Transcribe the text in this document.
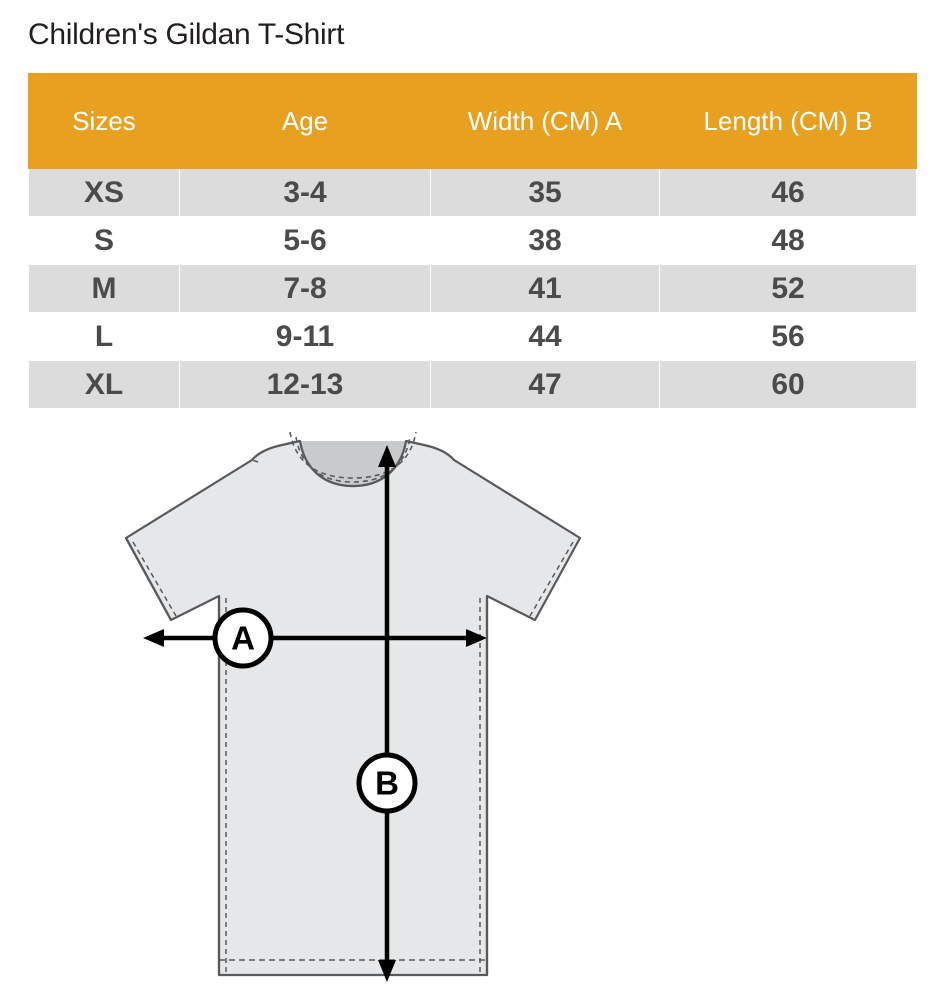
Children's Gildan T-Shirt
Sizes	Age	Width (CM) A	Length (CM) B
XS	3-4	35	46
S	5-6	38	48
M	7-8	41	52
L	9-11	44	56
XL	12-13	47	60
A
B
